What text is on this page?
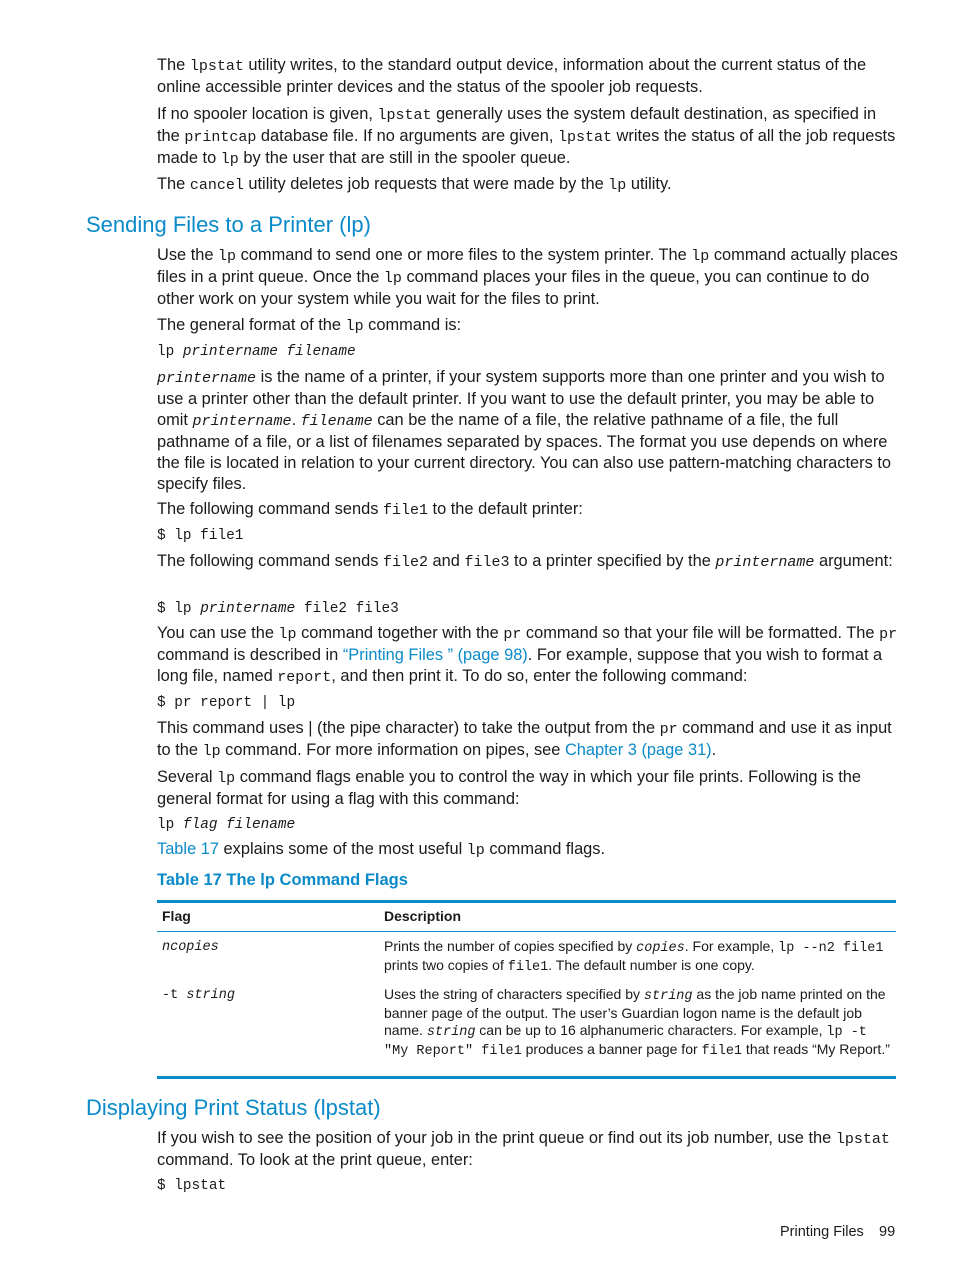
The lpstat utility writes, to the standard output device, information about the current status of the online accessible printer devices and the status of the spooler job requests.

If no spooler location is given, lpstat generally uses the system default destination, as specified in the printcap database file. If no arguments are given, lpstat writes the status of all the job requests made to lp by the user that are still in the spooler queue.

The cancel utility deletes job requests that were made by the lp utility.

Sending Files to a Printer (lp)

Use the lp command to send one or more files to the system printer. The lp command actually places files in a print queue. Once the lp command places your files in the queue, you can continue to do other work on your system while you wait for the files to print.

The general format of the lp command is:

lp printername filename

printername is the name of a printer, if your system supports more than one printer and you wish to use a printer other than the default printer. If you want to use the default printer, you may be able to omit printername. filename can be the name of a file, the relative pathname of a file, the full pathname of a file, or a list of filenames separated by spaces. The format you use depends on where the file is located in relation to your current directory. You can also use pattern-matching characters to specify files.

The following command sends file1 to the default printer:

$ lp file1

The following command sends file2 and file3 to a printer specified by the printername argument:

$ lp printername file2 file3

You can use the lp command together with the pr command so that your file will be formatted. The pr command is described in “Printing Files ” (page 98). For example, suppose that you wish to format a long file, named report, and then print it. To do so, enter the following command:

$ pr report | lp

This command uses | (the pipe character) to take the output from the pr command and use it as input to the lp command. For more information on pipes, see Chapter 3 (page 31).

Several lp command flags enable you to control the way in which your file prints. Following is the general format for using a flag with this command:

lp flag filename

Table 17 explains some of the most useful lp command flags.

Table 17 The lp Command Flags
Flag	Description
ncopies	Prints the number of copies specified by copies. For example, lp --n2 file1 prints two copies of file1. The default number is one copy.
-t string	Uses the string of characters specified by string as the job name printed on the banner page of the output. The user’s Guardian logon name is the default job name. string can be up to 16 alphanumeric characters. For example, lp -t "My Report" file1 produces a banner page for file1 that reads “My Report.”
Displaying Print Status (lpstat)

If you wish to see the position of your job in the print queue or find out its job number, use the lpstat command. To look at the print queue, enter:

$ lpstat
Printing Files 99
